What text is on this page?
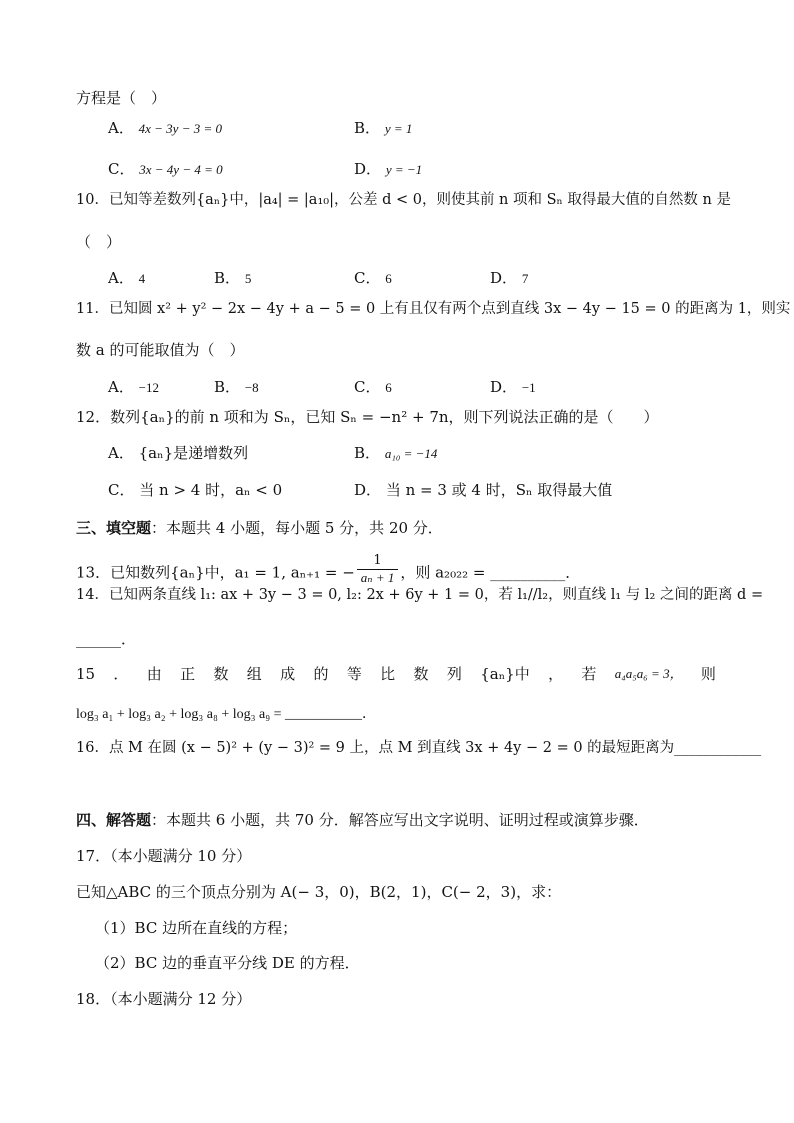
方程是（　）
A． 4x − 3y − 3 = 0	B． y = 1
C． 3x − 4y − 4 = 0	D． y = −1
10．已知等差数列{aₙ}中，|a₄| = |a₁₀|，公差 d < 0，则使其前 n 项和 Sₙ 取得最大值的自然数 n 是
（　）
A． 4	B． 5	C． 6	D． 7
11．已知圆 x² + y² − 2x − 4y + a − 5 = 0 上有且仅有两个点到直线 3x − 4y − 15 = 0 的距离为 1，则实
数 a 的可能取值为（　）
A． −12	B． −8	C． 6	D． −1
12．数列{aₙ}的前 n 项和为 Sₙ，已知 Sₙ = −n² + 7n，则下列说法正确的是（　　）
A． {aₙ}是递增数列	B． a₁₀ = −14
C． 当 n > 4 时，aₙ < 0	D． 当 n = 3 或 4 时，Sₙ 取得最大值
三、填空题：本题共 4 小题，每小题 5 分，共 20 分．
13．已知数列{aₙ}中，a₁ = 1, aₙ₊₁ = − $\frac{1}{\text{aₙ + 1}}$ ，则 a₂₀₂₂ = __________．
14．已知两条直线 l₁: ax + 3y − 3 = 0, l₂: 2x + 6y + 1 = 0，若 l₁//l₂，则直线 l₁ 与 l₂ 之间的距离 d =
______．
15 ． 由 正 数 组 成 的 等 比 数 列 {aₙ}中 ， 若 a₄a₅a₆ = 3， 则
log₃ a₁ + log₃ a₂ + log₃ a₈ + log₃ a₉ = ___________．
16．点 M 在圆 (x − 5)² + (y − 3)² = 9 上，点 M 到直线 3x + 4y − 2 = 0 的最短距离为____________
四、解答题：本题共 6 小题，共 70 分．解答应写出文字说明、证明过程或演算步骤．
17．（本小题满分 10 分）
已知△ABC 的三个顶点分别为 A(− 3，0)，B(2，1)，C(− 2，3)，求：
（1）BC 边所在直线的方程；
（2）BC 边的垂直平分线 DE 的方程．
18．（本小题满分 12 分）
